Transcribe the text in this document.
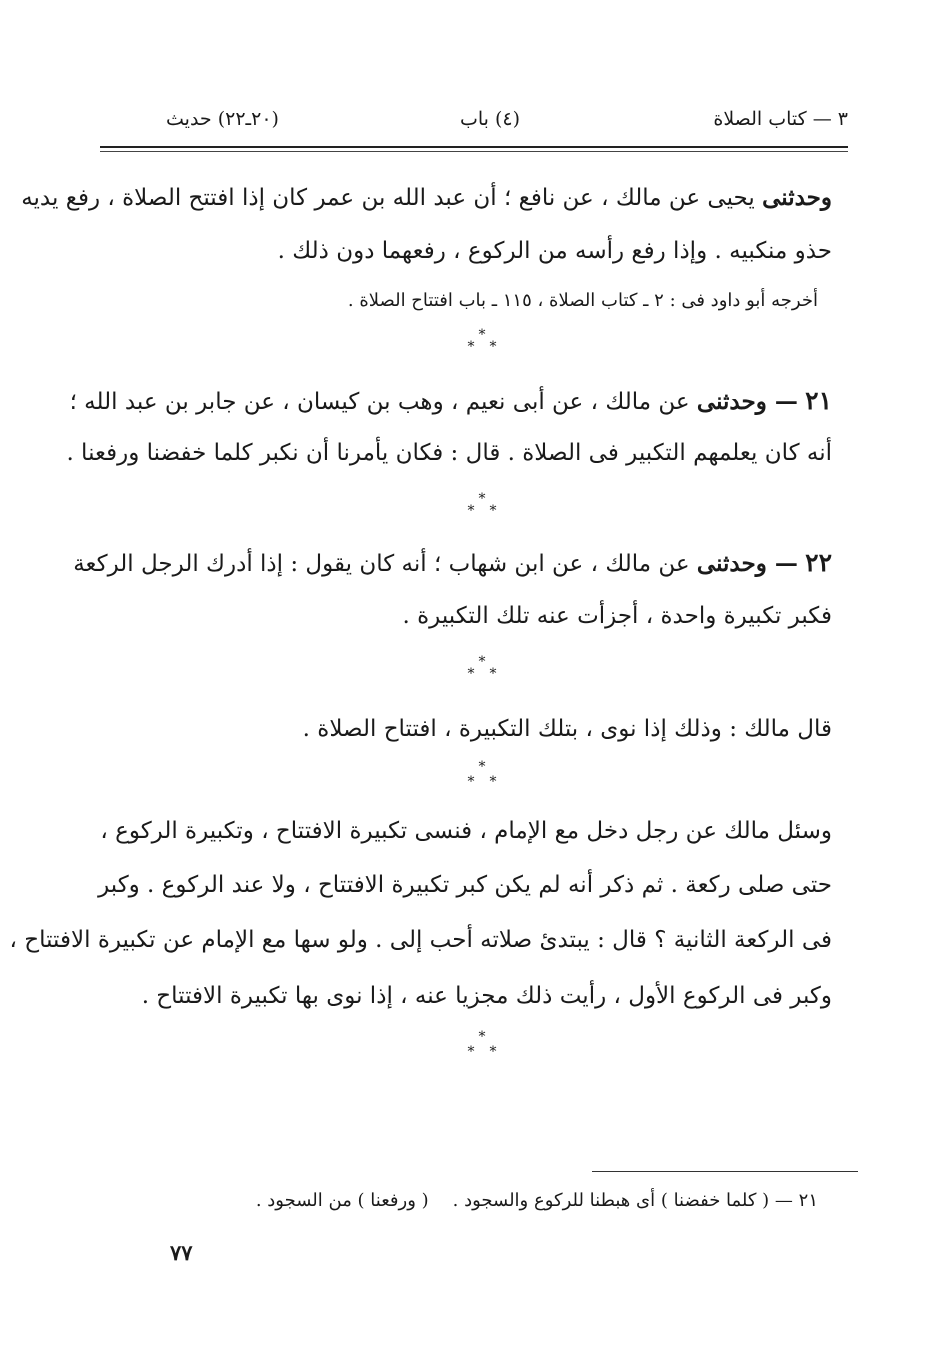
٣ — كتاب الصلاة
(٤) باب
(٢٠ـ٢٢) حديث
وحدثنى يحيى عن مالك ، عن نافع ؛ أن عبد الله بن عمر كان إذا افتتح الصلاة ، رفع يديه
حذو منكبيه . وإذا رفع رأسه من الركوع ، رفعهما دون ذلك .
أخرجه أبو داود فى : ٢ ـ كتاب الصلاة ، ١١٥ ـ باب افتتاح الصلاة .
*
* *
٢١ — وحدثنى عن مالك ، عن أبى نعيم ، وهب بن كيسان ، عن جابر بن عبد الله ؛
أنه كان يعلمهم التكبير فى الصلاة . قال : فكان يأمرنا أن نكبر كلما خفضنا ورفعنا .
*
* *
٢٢ — وحدثنى عن مالك ، عن ابن شهاب ؛ أنه كان يقول : إذا أدرك الرجل الركعة
فكبر تكبيرة واحدة ، أجزأت عنه تلك التكبيرة .
*
* *
قال مالك : وذلك إذا نوى ، بتلك التكبيرة ، افتتاح الصلاة .
*
* *
وسئل مالك عن رجل دخل مع الإمام ، فنسى تكبيرة الافتتاح ، وتكبيرة الركوع ،
حتى صلى ركعة . ثم ذكر أنه لم يكن كبر تكبيرة الافتتاح ، ولا عند الركوع . وكبر
فى الركعة الثانية ؟ قال : يبتدئ صلاته أحب إلى . ولو سها مع الإمام عن تكبيرة الافتتاح ،
وكبر فى الركوع الأول ، رأيت ذلك مجزيا عنه ، إذا نوى بها تكبيرة الافتتاح .
*
* *
٢١ — ( كلما خفضنا ) أى هبطنا للركوع والسجود .( ورفعنا ) من السجود .
٧٧
